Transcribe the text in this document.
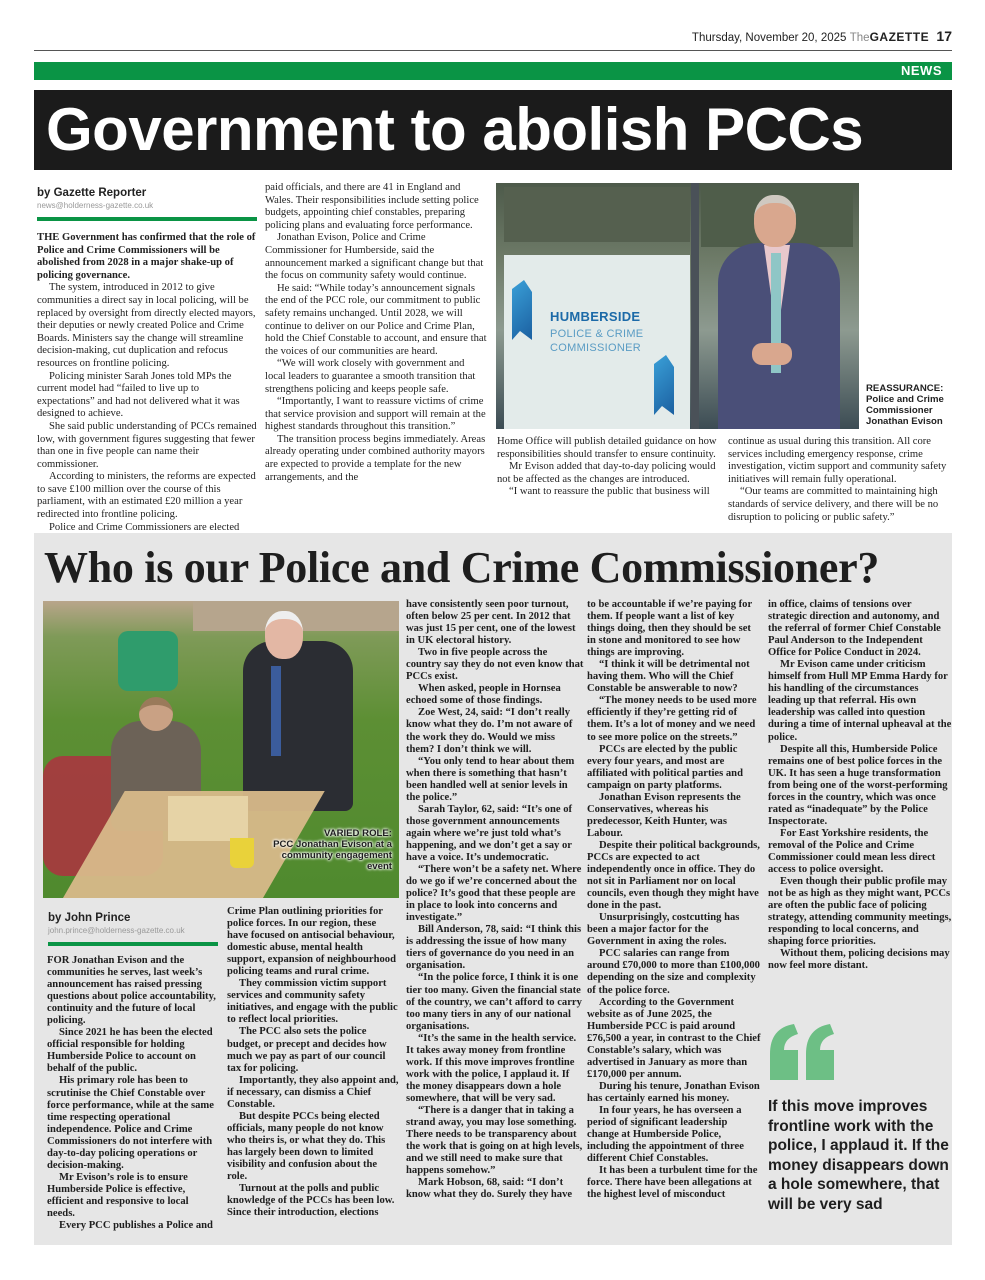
Thursday, November 20, 2025 TheGAZETTE 17
NEWS
Government to abolish PCCs
by Gazette Reporter
news@holderness-gazette.co.uk

THE Government has confirmed that the role of Police and Crime Commissioners will be abolished from 2028 in a major shake-up of policing governance.

The system, introduced in 2012 to give communities a direct say in local policing, will be replaced by oversight from directly elected mayors, their deputies or newly created Police and Crime Boards. Ministers say the change will streamline decision-making, cut duplication and refocus resources on frontline policing.

Policing minister Sarah Jones told MPs the current model had “failed to live up to expectations” and had not delivered what it was designed to achieve.

She said public understanding of PCCs remained low, with government figures suggesting that fewer than one in five people can name their commissioner.

According to ministers, the reforms are expected to save £100 million over the course of this parliament, with an estimated £20 million a year redirected into frontline policing.

Police and Crime Commissioners are elected

paid officials, and there are 41 in England and Wales. Their responsibilities include setting police budgets, appointing chief constables, preparing policing plans and evaluating force performance.

Jonathan Evison, Police and Crime Commissioner for Humberside, said the announcement marked a significant change but that the focus on community safety would continue.

He said: “While today’s announcement signals the end of the PCC role, our commitment to public safety remains unchanged. Until 2028, we will continue to deliver on our Police and Crime Plan, hold the Chief Constable to account, and ensure that the voices of our communities are heard.

“We will work closely with government and local leaders to guarantee a smooth transition that strengthens policing and keeps people safe.

“Importantly, I want to reassure victims of crime that service provision and support will remain at the highest standards throughout this transition.”

The transition process begins immediately. Areas already operating under combined authority mayors are expected to provide a template for the new arrangements, and the

Home Office will publish detailed guidance on how responsibilities should transfer to ensure continuity.

Mr Evison added that day-to-day policing would not be affected as the changes are introduced.

“I want to reassure the public that business will

continue as usual during this transition. All core services including emergency response, crime investigation, victim support and community safety initiatives will remain fully operational.

“Our teams are committed to maintaining high standards of service delivery, and there will be no disruption to policing or public safety.”

HUMBERSIDE
POLICE & CRIME
COMMISSIONER
REASSURANCE:
Police and Crime Commissioner Jonathan Evison
Who is our Police and Crime Commissioner?
VARIED ROLE:
PCC Jonathan Evison at a community engagement event
by John Prince
john.prince@holderness-gazette.co.uk

FOR Jonathan Evison and the communities he serves, last week’s announcement has raised pressing questions about police accountability, continuity and the future of local policing.

Since 2021 he has been the elected official responsible for holding Humberside Police to account on behalf of the public.

His primary role has been to scrutinise the Chief Constable over force performance, while at the same time respecting operational independence. Police and Crime Commissioners do not interfere with day-to-day policing operations or decision-making.

Mr Evison’s role is to ensure Humberside Police is effective, efficient and responsive to local needs.

Every PCC publishes a Police and

Crime Plan outlining priorities for police forces. In our region, these have focused on antisocial behaviour, domestic abuse, mental health support, expansion of neighbourhood policing teams and rural crime.

They commission victim support services and community safety initiatives, and engage with the public to reflect local priorities.

The PCC also sets the police budget, or precept and decides how much we pay as part of our council tax for policing.

Importantly, they also appoint and, if necessary, can dismiss a Chief Constable.

But despite PCCs being elected officials, many people do not know who theirs is, or what they do. This has largely been down to limited visibility and confusion about the role.

Turnout at the polls and public knowledge of the PCCs has been low. Since their introduction, elections

have consistently seen poor turnout, often below 25 per cent. In 2012 that was just 15 per cent, one of the lowest in UK electoral history.

Two in five people across the country say they do not even know that PCCs exist.

When asked, people in Hornsea echoed some of those findings.

Zoe West, 24, said: “I don’t really know what they do. I’m not aware of the work they do. Would we miss them? I don’t think we will.

“You only tend to hear about them when there is something that hasn’t been handled well at senior levels in the police.”

Sarah Taylor, 62, said: “It’s one of those government announcements again where we’re just told what’s happening, and we don’t get a say or have a voice. It’s undemocratic.

“There won’t be a safety net. Where do we go if we’re concerned about the police? It’s good that these people are in place to look into concerns and investigate.”

Bill Anderson, 78, said: “I think this is addressing the issue of how many tiers of governance do you need in an organisation.

“In the police force, I think it is one tier too many. Given the financial state of the country, we can’t afford to carry too many tiers in any of our national organisations.

“It’s the same in the health service. It takes away money from frontline work. If this move improves frontline work with the police, I applaud it. If the money disappears down a hole somewhere, that will be very sad.

“There is a danger that in taking a strand away, you may lose something. There needs to be transparency about the work that is going on at high levels, and we still need to make sure that happens somehow.”

Mark Hobson, 68, said: “I don’t know what they do. Surely they have

to be accountable if we’re paying for them. If people want a list of key things doing, then they should be set in stone and monitored to see how things are improving.

“I think it will be detrimental not having them. Who will the Chief Constable be answerable to now?

“The money needs to be used more efficiently if they’re getting rid of them. It’s a lot of money and we need to see more police on the streets.”

PCCs are elected by the public every four years, and most are affiliated with political parties and campaign on party platforms.

Jonathan Evison represents the Conservatives, whereas his predecessor, Keith Hunter, was Labour.

Despite their political backgrounds, PCCs are expected to act independently once in office. They do not sit in Parliament nor on local councils, even though they might have done in the past.

Unsurprisingly, costcutting has been a major factor for the Government in axing the roles.

PCC salaries can range from around £70,000 to more than £100,000 depending on the size and complexity of the police force.

According to the Government website as of June 2025, the Humberside PCC is paid around £76,500 a year, in contrast to the Chief Constable’s salary, which was advertised in January as more than £170,000 per annum.

During his tenure, Jonathan Evison has certainly earned his money.

In four years, he has overseen a period of significant leadership change at Humberside Police, including the appointment of three different Chief Constables.

It has been a turbulent time for the force. There have been allegations at the highest level of misconduct

in office, claims of tensions over strategic direction and autonomy, and the referral of former Chief Constable Paul Anderson to the Independent Office for Police Conduct in 2024.

Mr Evison came under criticism himself from Hull MP Emma Hardy for his handling of the circumstances leading up that referral. His own leadership was called into question during a time of internal upheaval at the police.

Despite all this, Humberside Police remains one of best police forces in the UK. It has seen a huge transformation from being one of the worst-performing forces in the country, which was once rated as “inadequate” by the Police Inspectorate.

For East Yorkshire residents, the removal of the Police and Crime Commissioner could mean less direct access to police oversight.

Even though their public profile may not be as high as they might want, PCCs are often the public face of policing strategy, attending community meetings, responding to local concerns, and shaping force priorities.

Without them, policing decisions may now feel more distant.

If this move improves frontline work with the police, I applaud it. If the money disappears down a hole somewhere, that will be very sad
